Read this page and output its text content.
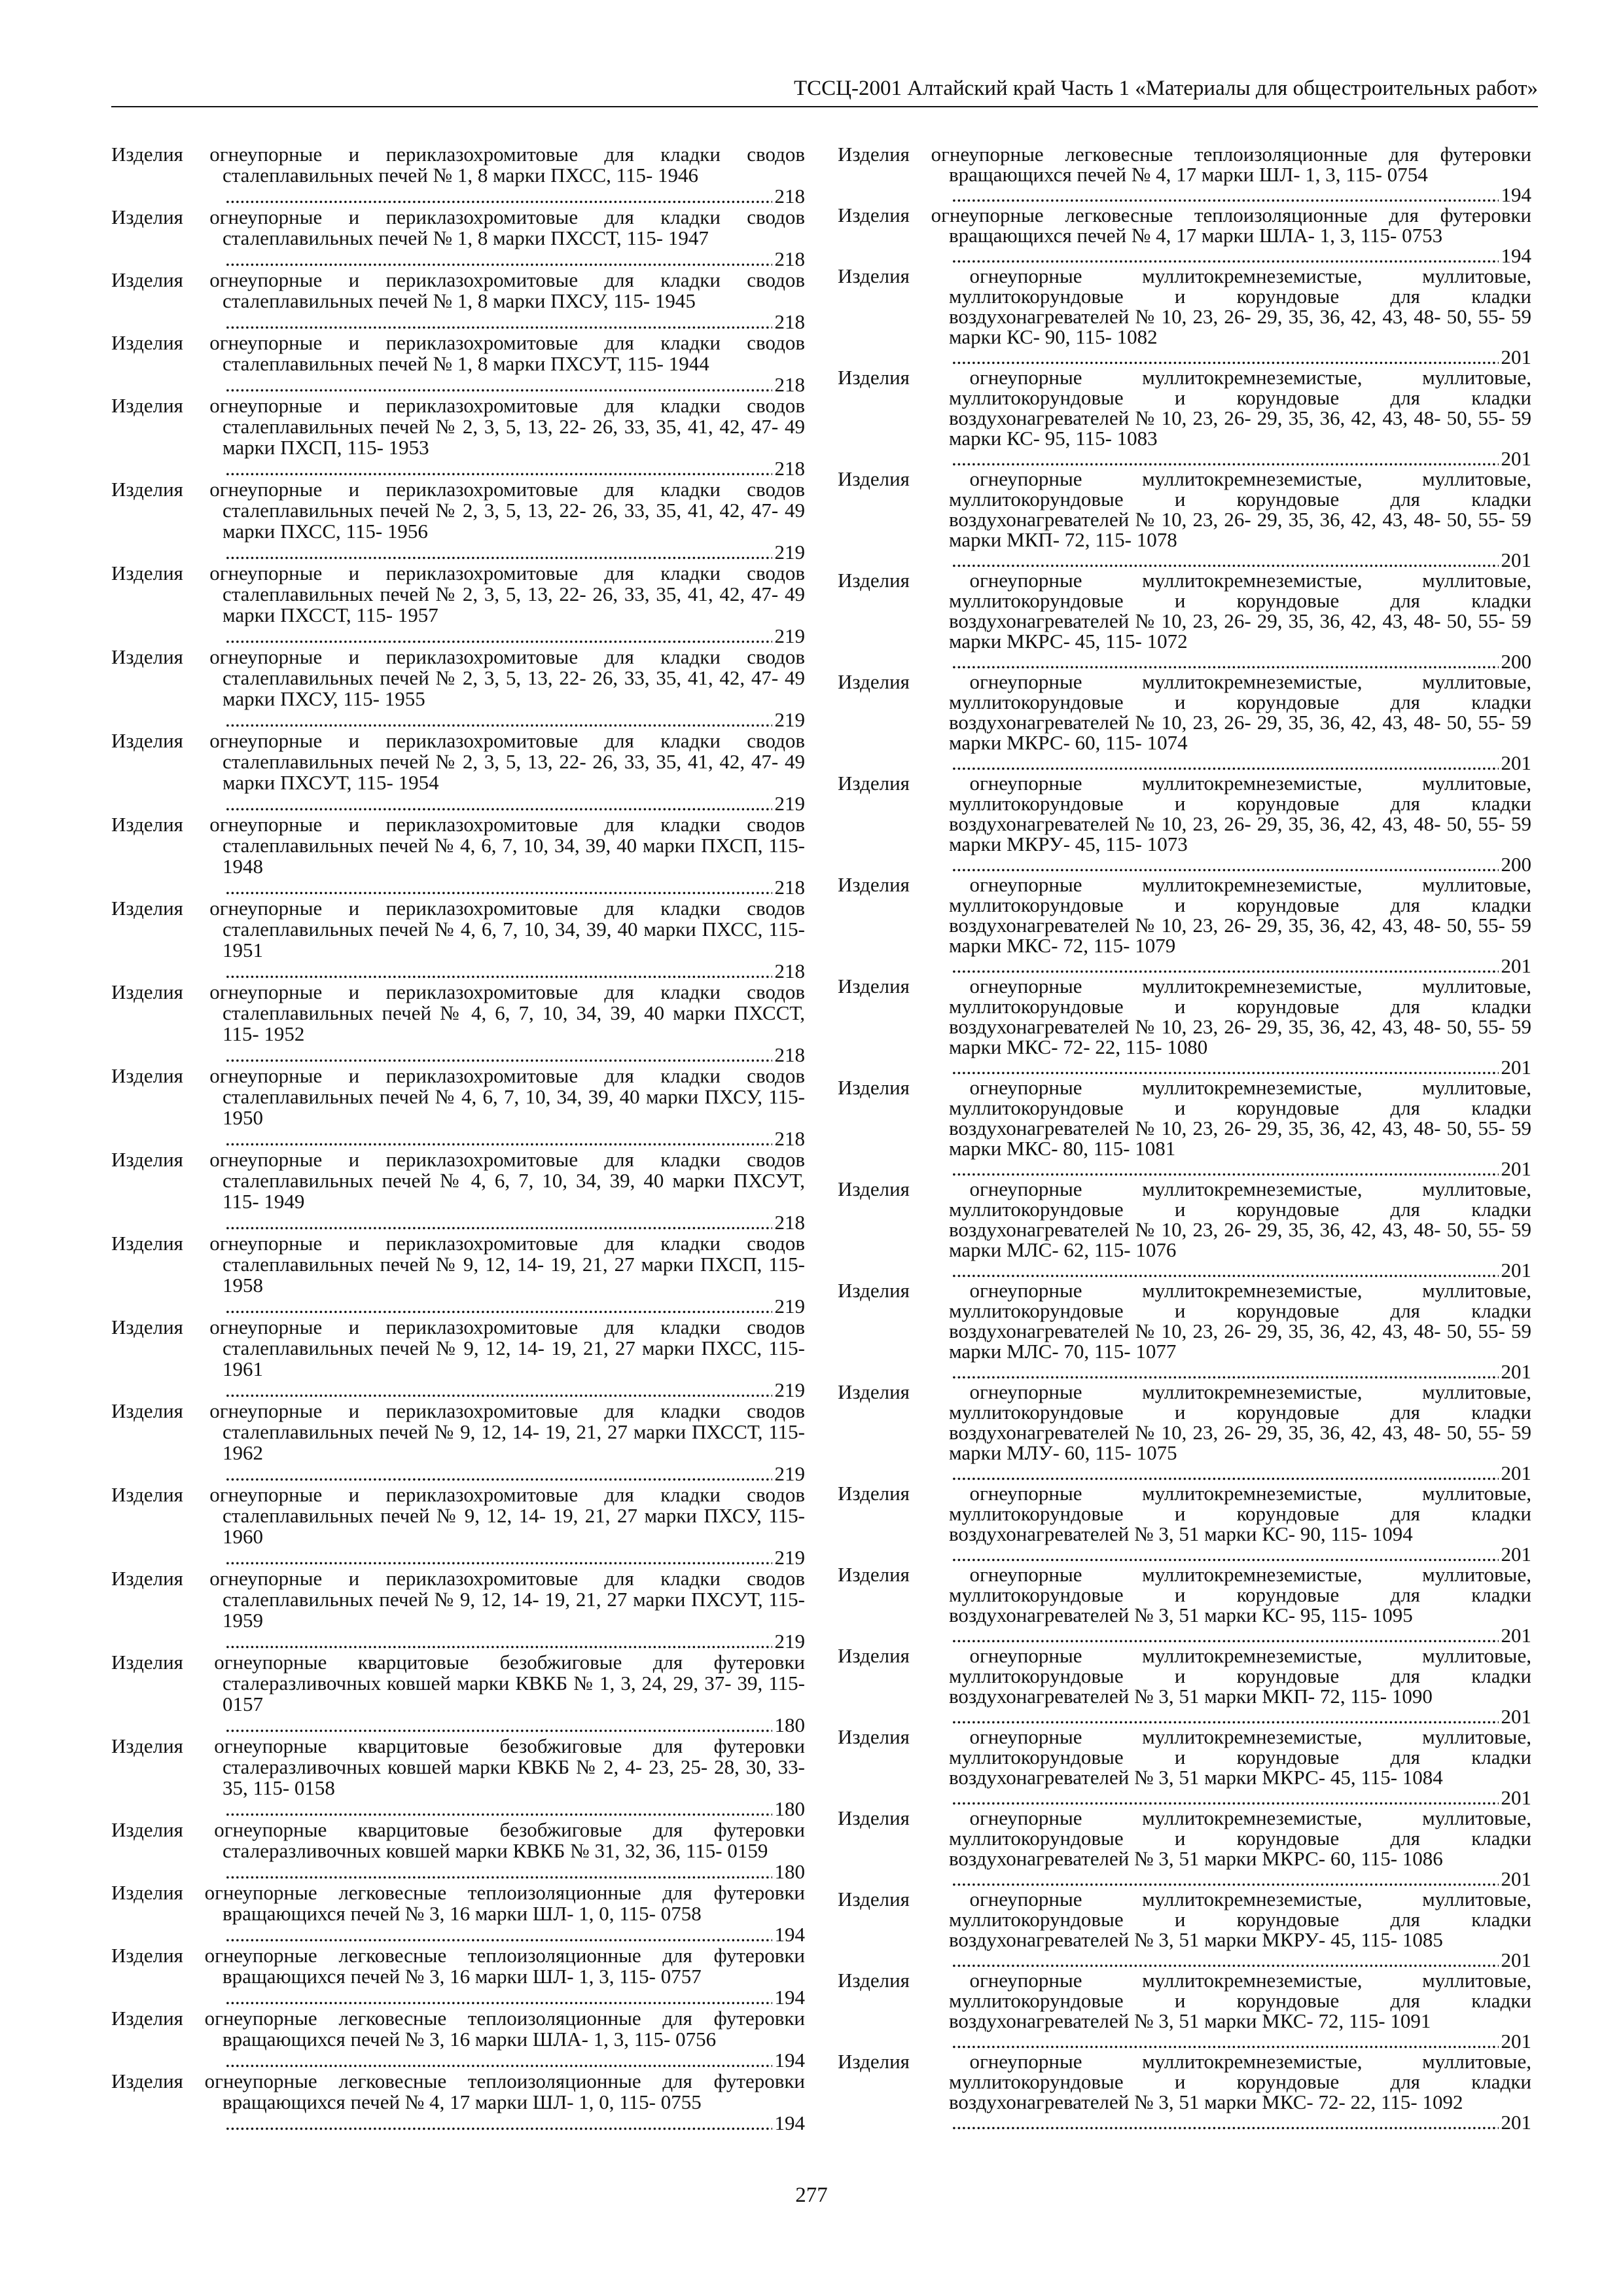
ТССЦ-2001 Алтайский край Часть 1 «Материалы для общестроительных работ»
Изделия огнеупорные и периклазохромитовые для кладки сводов сталеплавильных печей № 1, 8 марки ПХСС, 115- 1946
. . .
218
Изделия огнеупорные и периклазохромитовые для кладки сводов сталеплавильных печей № 1, 8 марки ПХССТ, 115- 1947
. . .
218
Изделия огнеупорные и периклазохромитовые для кладки сводов сталеплавильных печей № 1, 8 марки ПХСУ, 115- 1945
. . .
218
Изделия огнеупорные и периклазохромитовые для кладки сводов сталеплавильных печей № 1, 8 марки ПХСУТ, 115- 1944
. . .
218
Изделия огнеупорные и периклазохромитовые для кладки сводов сталеплавильных печей № 2, 3, 5, 13, 22- 26, 33, 35, 41, 42, 47- 49 марки ПХСП, 115- 1953
. . .
218
Изделия огнеупорные и периклазохромитовые для кладки сводов сталеплавильных печей № 2, 3, 5, 13, 22- 26, 33, 35, 41, 42, 47- 49 марки ПХСС, 115- 1956
. . .
219
Изделия огнеупорные и периклазохромитовые для кладки сводов сталеплавильных печей № 2, 3, 5, 13, 22- 26, 33, 35, 41, 42, 47- 49 марки ПХССТ, 115- 1957
. . .
219
Изделия огнеупорные и периклазохромитовые для кладки сводов сталеплавильных печей № 2, 3, 5, 13, 22- 26, 33, 35, 41, 42, 47- 49 марки ПХСУ, 115- 1955
. . .
219
Изделия огнеупорные и периклазохромитовые для кладки сводов сталеплавильных печей № 2, 3, 5, 13, 22- 26, 33, 35, 41, 42, 47- 49 марки ПХСУТ, 115- 1954
. . .
219
Изделия огнеупорные и периклазохромитовые для кладки сводов сталеплавильных печей № 4, 6, 7, 10, 34, 39, 40 марки ПХСП, 115- 1948
. . .
218
Изделия огнеупорные и периклазохромитовые для кладки сводов сталеплавильных печей № 4, 6, 7, 10, 34, 39, 40 марки ПХСС, 115- 1951
. . .
218
Изделия огнеупорные и периклазохромитовые для кладки сводов сталеплавильных печей № 4, 6, 7, 10, 34, 39, 40 марки ПХССТ, 115- 1952
. . .
218
Изделия огнеупорные и периклазохромитовые для кладки сводов сталеплавильных печей № 4, 6, 7, 10, 34, 39, 40 марки ПХСУ, 115- 1950
. . .
218
Изделия огнеупорные и периклазохромитовые для кладки сводов сталеплавильных печей № 4, 6, 7, 10, 34, 39, 40 марки ПХСУТ, 115- 1949
. . .
218
Изделия огнеупорные и периклазохромитовые для кладки сводов сталеплавильных печей № 9, 12, 14- 19, 21, 27 марки ПХСП, 115- 1958
. . .
219
Изделия огнеупорные и периклазохромитовые для кладки сводов сталеплавильных печей № 9, 12, 14- 19, 21, 27 марки ПХСС, 115- 1961
. . .
219
Изделия огнеупорные и периклазохромитовые для кладки сводов сталеплавильных печей № 9, 12, 14- 19, 21, 27 марки ПХССТ, 115- 1962
. . .
219
Изделия огнеупорные и периклазохромитовые для кладки сводов сталеплавильных печей № 9, 12, 14- 19, 21, 27 марки ПХСУ, 115- 1960
. . .
219
Изделия огнеупорные и периклазохромитовые для кладки сводов сталеплавильных печей № 9, 12, 14- 19, 21, 27 марки ПХСУТ, 115- 1959
. . .
219
Изделия огнеупорные кварцитовые безобжиговые для футеровки сталеразливочных ковшей марки КВКБ № 1, 3, 24, 29, 37- 39, 115- 0157
. . .
180
Изделия огнеупорные кварцитовые безобжиговые для футеровки сталеразливочных ковшей марки КВКБ № 2, 4- 23, 25- 28, 30, 33- 35, 115- 0158
. . .
180
Изделия огнеупорные кварцитовые безобжиговые для футеровки сталеразливочных ковшей марки КВКБ № 31, 32, 36, 115- 0159
. . .
180
Изделия огнеупорные легковесные теплоизоляционные для футеровки вращающихся печей № 3, 16 марки ШЛ- 1, 0, 115- 0758
. . .
194
Изделия огнеупорные легковесные теплоизоляционные для футеровки вращающихся печей № 3, 16 марки ШЛ- 1, 3, 115- 0757
. . .
194
Изделия огнеупорные легковесные теплоизоляционные для футеровки вращающихся печей № 3, 16 марки ШЛА- 1, 3, 115- 0756
. . .
194
Изделия огнеупорные легковесные теплоизоляционные для футеровки вращающихся печей № 4, 17 марки ШЛ- 1, 0, 115- 0755
. . .
194
Изделия огнеупорные легковесные теплоизоляционные для футеровки вращающихся печей № 4, 17 марки ШЛ- 1, 3, 115- 0754
. . .
194
Изделия огнеупорные легковесные теплоизоляционные для футеровки вращающихся печей № 4, 17 марки ШЛА- 1, 3, 115- 0753
. . .
194
Изделия огнеупорные муллитокремнеземистые, муллитовые, муллитокорундовые и корундовые для кладки воздухонагревателей № 10, 23, 26- 29, 35, 36, 42, 43, 48- 50, 55- 59 марки КС- 90, 115- 1082
. . .
201
Изделия огнеупорные муллитокремнеземистые, муллитовые, муллитокорундовые и корундовые для кладки воздухонагревателей № 10, 23, 26- 29, 35, 36, 42, 43, 48- 50, 55- 59 марки КС- 95, 115- 1083
. . .
201
Изделия огнеупорные муллитокремнеземистые, муллитовые, муллитокорундовые и корундовые для кладки воздухонагревателей № 10, 23, 26- 29, 35, 36, 42, 43, 48- 50, 55- 59 марки МКП- 72, 115- 1078
. . .
201
Изделия огнеупорные муллитокремнеземистые, муллитовые, муллитокорундовые и корундовые для кладки воздухонагревателей № 10, 23, 26- 29, 35, 36, 42, 43, 48- 50, 55- 59 марки МКРС- 45, 115- 1072
. . .
200
Изделия огнеупорные муллитокремнеземистые, муллитовые, муллитокорундовые и корундовые для кладки воздухонагревателей № 10, 23, 26- 29, 35, 36, 42, 43, 48- 50, 55- 59 марки МКРС- 60, 115- 1074
. . .
201
Изделия огнеупорные муллитокремнеземистые, муллитовые, муллитокорундовые и корундовые для кладки воздухонагревателей № 10, 23, 26- 29, 35, 36, 42, 43, 48- 50, 55- 59 марки МКРУ- 45, 115- 1073
. . .
200
Изделия огнеупорные муллитокремнеземистые, муллитовые, муллитокорундовые и корундовые для кладки воздухонагревателей № 10, 23, 26- 29, 35, 36, 42, 43, 48- 50, 55- 59 марки МКС- 72, 115- 1079
. . .
201
Изделия огнеупорные муллитокремнеземистые, муллитовые, муллитокорундовые и корундовые для кладки воздухонагревателей № 10, 23, 26- 29, 35, 36, 42, 43, 48- 50, 55- 59 марки МКС- 72- 22, 115- 1080
. . .
201
Изделия огнеупорные муллитокремнеземистые, муллитовые, муллитокорундовые и корундовые для кладки воздухонагревателей № 10, 23, 26- 29, 35, 36, 42, 43, 48- 50, 55- 59 марки МКС- 80, 115- 1081
. . .
201
Изделия огнеупорные муллитокремнеземистые, муллитовые, муллитокорундовые и корундовые для кладки воздухонагревателей № 10, 23, 26- 29, 35, 36, 42, 43, 48- 50, 55- 59 марки МЛС- 62, 115- 1076
. . .
201
Изделия огнеупорные муллитокремнеземистые, муллитовые, муллитокорундовые и корундовые для кладки воздухонагревателей № 10, 23, 26- 29, 35, 36, 42, 43, 48- 50, 55- 59 марки МЛС- 70, 115- 1077
. . .
201
Изделия огнеупорные муллитокремнеземистые, муллитовые, муллитокорундовые и корундовые для кладки воздухонагревателей № 10, 23, 26- 29, 35, 36, 42, 43, 48- 50, 55- 59 марки МЛУ- 60, 115- 1075
. . .
201
Изделия огнеупорные муллитокремнеземистые, муллитовые, муллитокорундовые и корундовые для кладки воздухонагревателей № 3, 51 марки КС- 90, 115- 1094
. . .
201
Изделия огнеупорные муллитокремнеземистые, муллитовые, муллитокорундовые и корундовые для кладки воздухонагревателей № 3, 51 марки КС- 95, 115- 1095
. . .
201
Изделия огнеупорные муллитокремнеземистые, муллитовые, муллитокорундовые и корундовые для кладки воздухонагревателей № 3, 51 марки МКП- 72, 115- 1090
. . .
201
Изделия огнеупорные муллитокремнеземистые, муллитовые, муллитокорундовые и корундовые для кладки воздухонагревателей № 3, 51 марки МКРС- 45, 115- 1084
. . .
201
Изделия огнеупорные муллитокремнеземистые, муллитовые, муллитокорундовые и корундовые для кладки воздухонагревателей № 3, 51 марки МКРС- 60, 115- 1086
. . .
201
Изделия огнеупорные муллитокремнеземистые, муллитовые, муллитокорундовые и корундовые для кладки воздухонагревателей № 3, 51 марки МКРУ- 45, 115- 1085
. . .
201
Изделия огнеупорные муллитокремнеземистые, муллитовые, муллитокорундовые и корундовые для кладки воздухонагревателей № 3, 51 марки МКС- 72, 115- 1091
. . .
201
Изделия огнеупорные муллитокремнеземистые, муллитовые, муллитокорундовые и корундовые для кладки воздухонагревателей № 3, 51 марки МКС- 72- 22, 115- 1092
. . .
201
277
